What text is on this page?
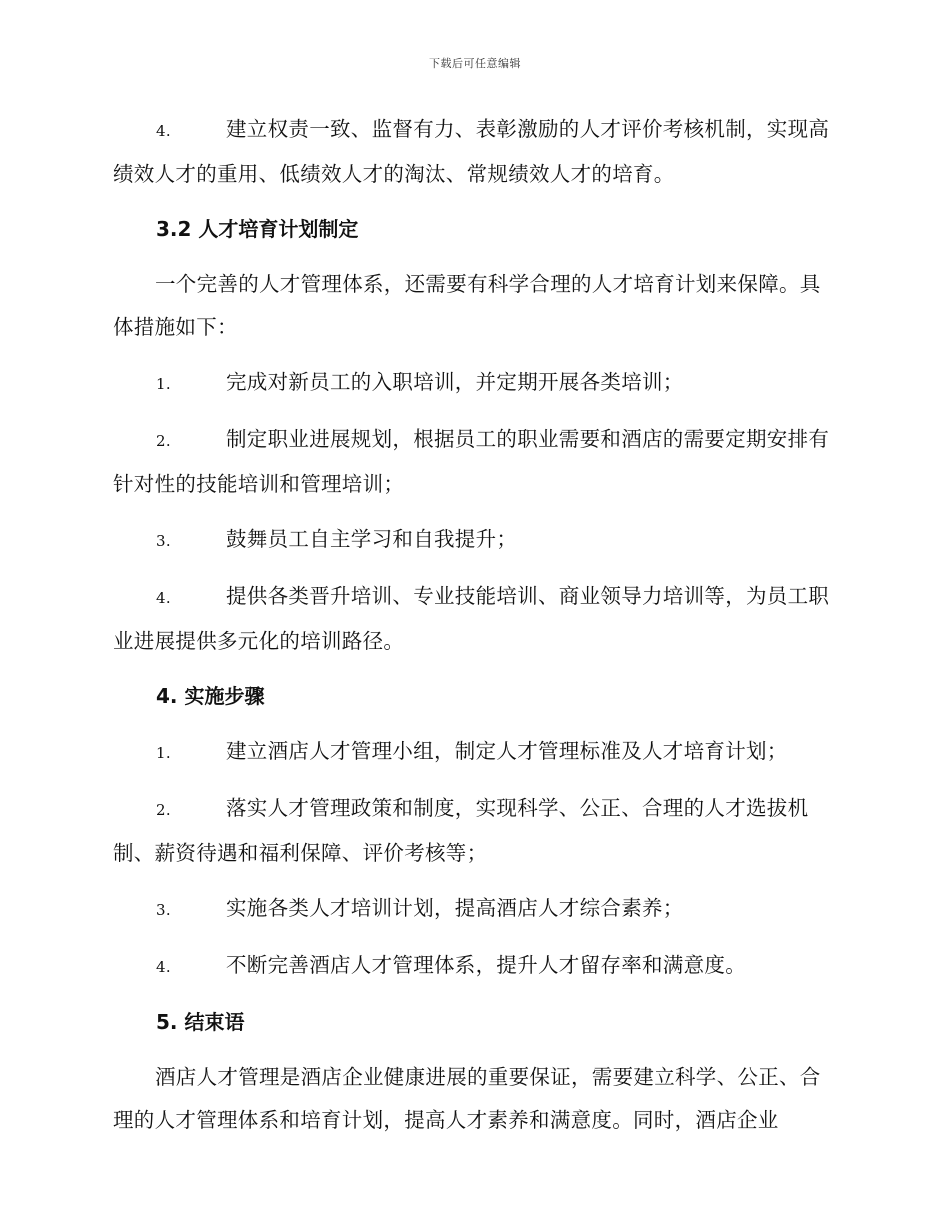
下载后可任意编辑
4.	建立权责一致、监督有力、表彰激励的人才评价考核机制，实现高绩效人才的重用、低绩效人才的淘汰、常规绩效人才的培育。
3.2 人才培育计划制定
一个完善的人才管理体系，还需要有科学合理的人才培育计划来保障。具体措施如下：
1.	完成对新员工的入职培训，并定期开展各类培训；
2.	制定职业进展规划，根据员工的职业需要和酒店的需要定期安排有针对性的技能培训和管理培训；
3.	鼓舞员工自主学习和自我提升；
4.	提供各类晋升培训、专业技能培训、商业领导力培训等，为员工职业进展提供多元化的培训路径。
4. 实施步骤
1.	建立酒店人才管理小组，制定人才管理标准及人才培育计划；
2.	落实人才管理政策和制度，实现科学、公正、合理的人才选拔机制、薪资待遇和福利保障、评价考核等；
3.	实施各类人才培训计划，提高酒店人才综合素养；
4.	不断完善酒店人才管理体系，提升人才留存率和满意度。
5. 结束语
酒店人才管理是酒店企业健康进展的重要保证，需要建立科学、公正、合理的人才管理体系和培育计划，提高人才素养和满意度。同时，酒店企业
